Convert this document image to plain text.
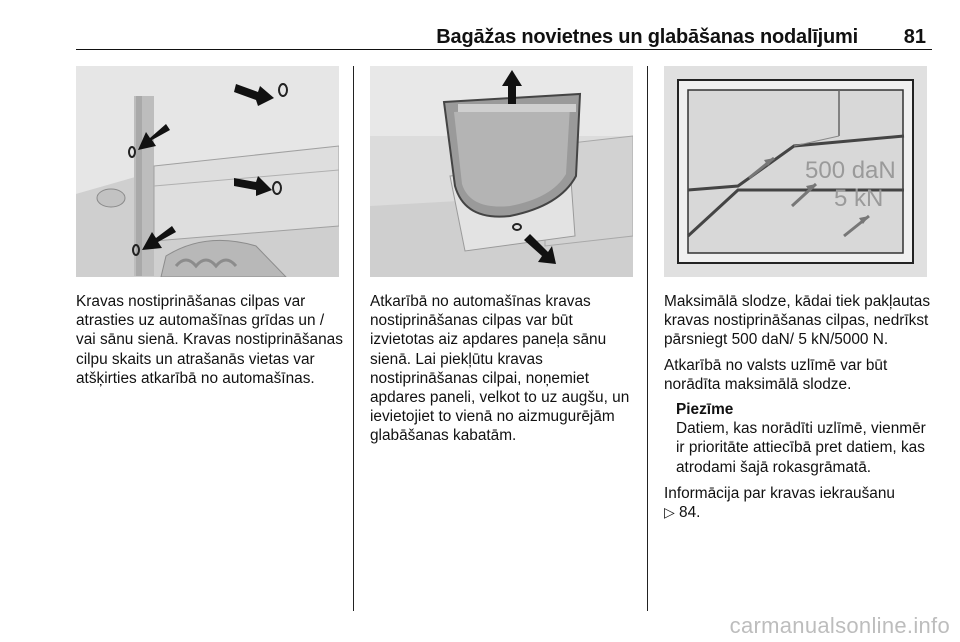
Bagāžas novietnes un glabāšanas nodalījumi 81
500 daN
5 kN

Kravas nostiprināšanas cilpas var atrasties uz automašīnas grīdas un / vai sānu sienā. Kravas nostiprināšanas cilpu skaits un atrašanās vietas var atšķirties atkarībā no automašīnas.

Atkarībā no automašīnas kravas nostiprināšanas cilpas var būt izvietotas aiz apdares paneļa sānu sienā. Lai piekļūtu kravas nostiprināšanas cilpai, noņemiet apdares paneli, velkot to uz augšu, un ievietojiet to vienā no aizmugurējām glabāšanas kabatām.

Maksimālā slodze, kādai tiek pakļautas kravas nostiprināšanas cilpas, nedrīkst pārsniegt 500 daN/ 5 kN/5000 N.

Atkarībā no valsts uzlīmē var būt norādīta maksimālā slodze.

Piezīme
Datiem, kas norādīti uzlīmē, vienmēr ir prioritāte attiecībā pret datiem, kas atrodami šajā rokasgrāmatā.

Informācija par kravas iekraušanu
▷ 84.

carmanualsonline.info
